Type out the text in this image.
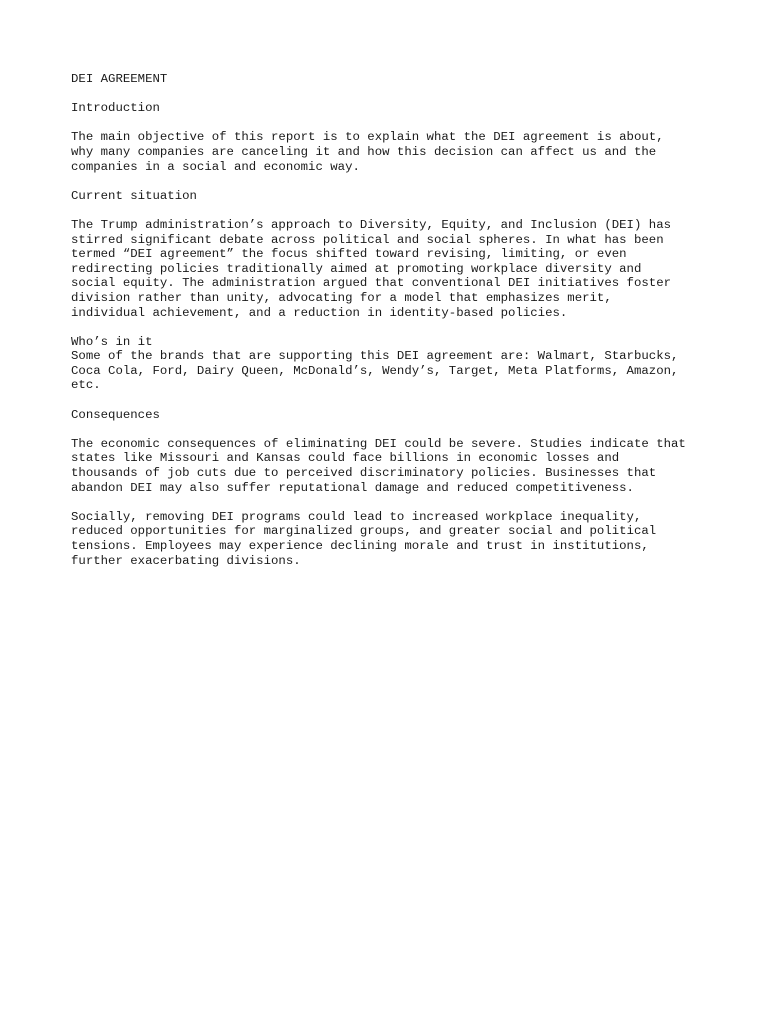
DEI AGREEMENT
Introduction
The main objective of this report is to explain what the DEI agreement is about,
why many companies are canceling it and how this decision can affect us and the
companies in a social and economic way.
Current situation
The Trump administration’s approach to Diversity, Equity, and Inclusion (DEI) has
stirred significant debate across political and social spheres. In what has been
termed “DEI agreement” the focus shifted toward revising, limiting, or even
redirecting policies traditionally aimed at promoting workplace diversity and
social equity. The administration argued that conventional DEI initiatives foster
division rather than unity, advocating for a model that emphasizes merit,
individual achievement, and a reduction in identity-based policies.
Who’s in it
Some of the brands that are supporting this DEI agreement are: Walmart, Starbucks,
Coca Cola, Ford, Dairy Queen, McDonald’s, Wendy’s, Target, Meta Platforms, Amazon,
etc.
Consequences
The economic consequences of eliminating DEI could be severe. Studies indicate that
states like Missouri and Kansas could face billions in economic losses and
thousands of job cuts due to perceived discriminatory policies. Businesses that
abandon DEI may also suffer reputational damage and reduced competitiveness.
Socially, removing DEI programs could lead to increased workplace inequality,
reduced opportunities for marginalized groups, and greater social and political
tensions. Employees may experience declining morale and trust in institutions,
further exacerbating divisions.
